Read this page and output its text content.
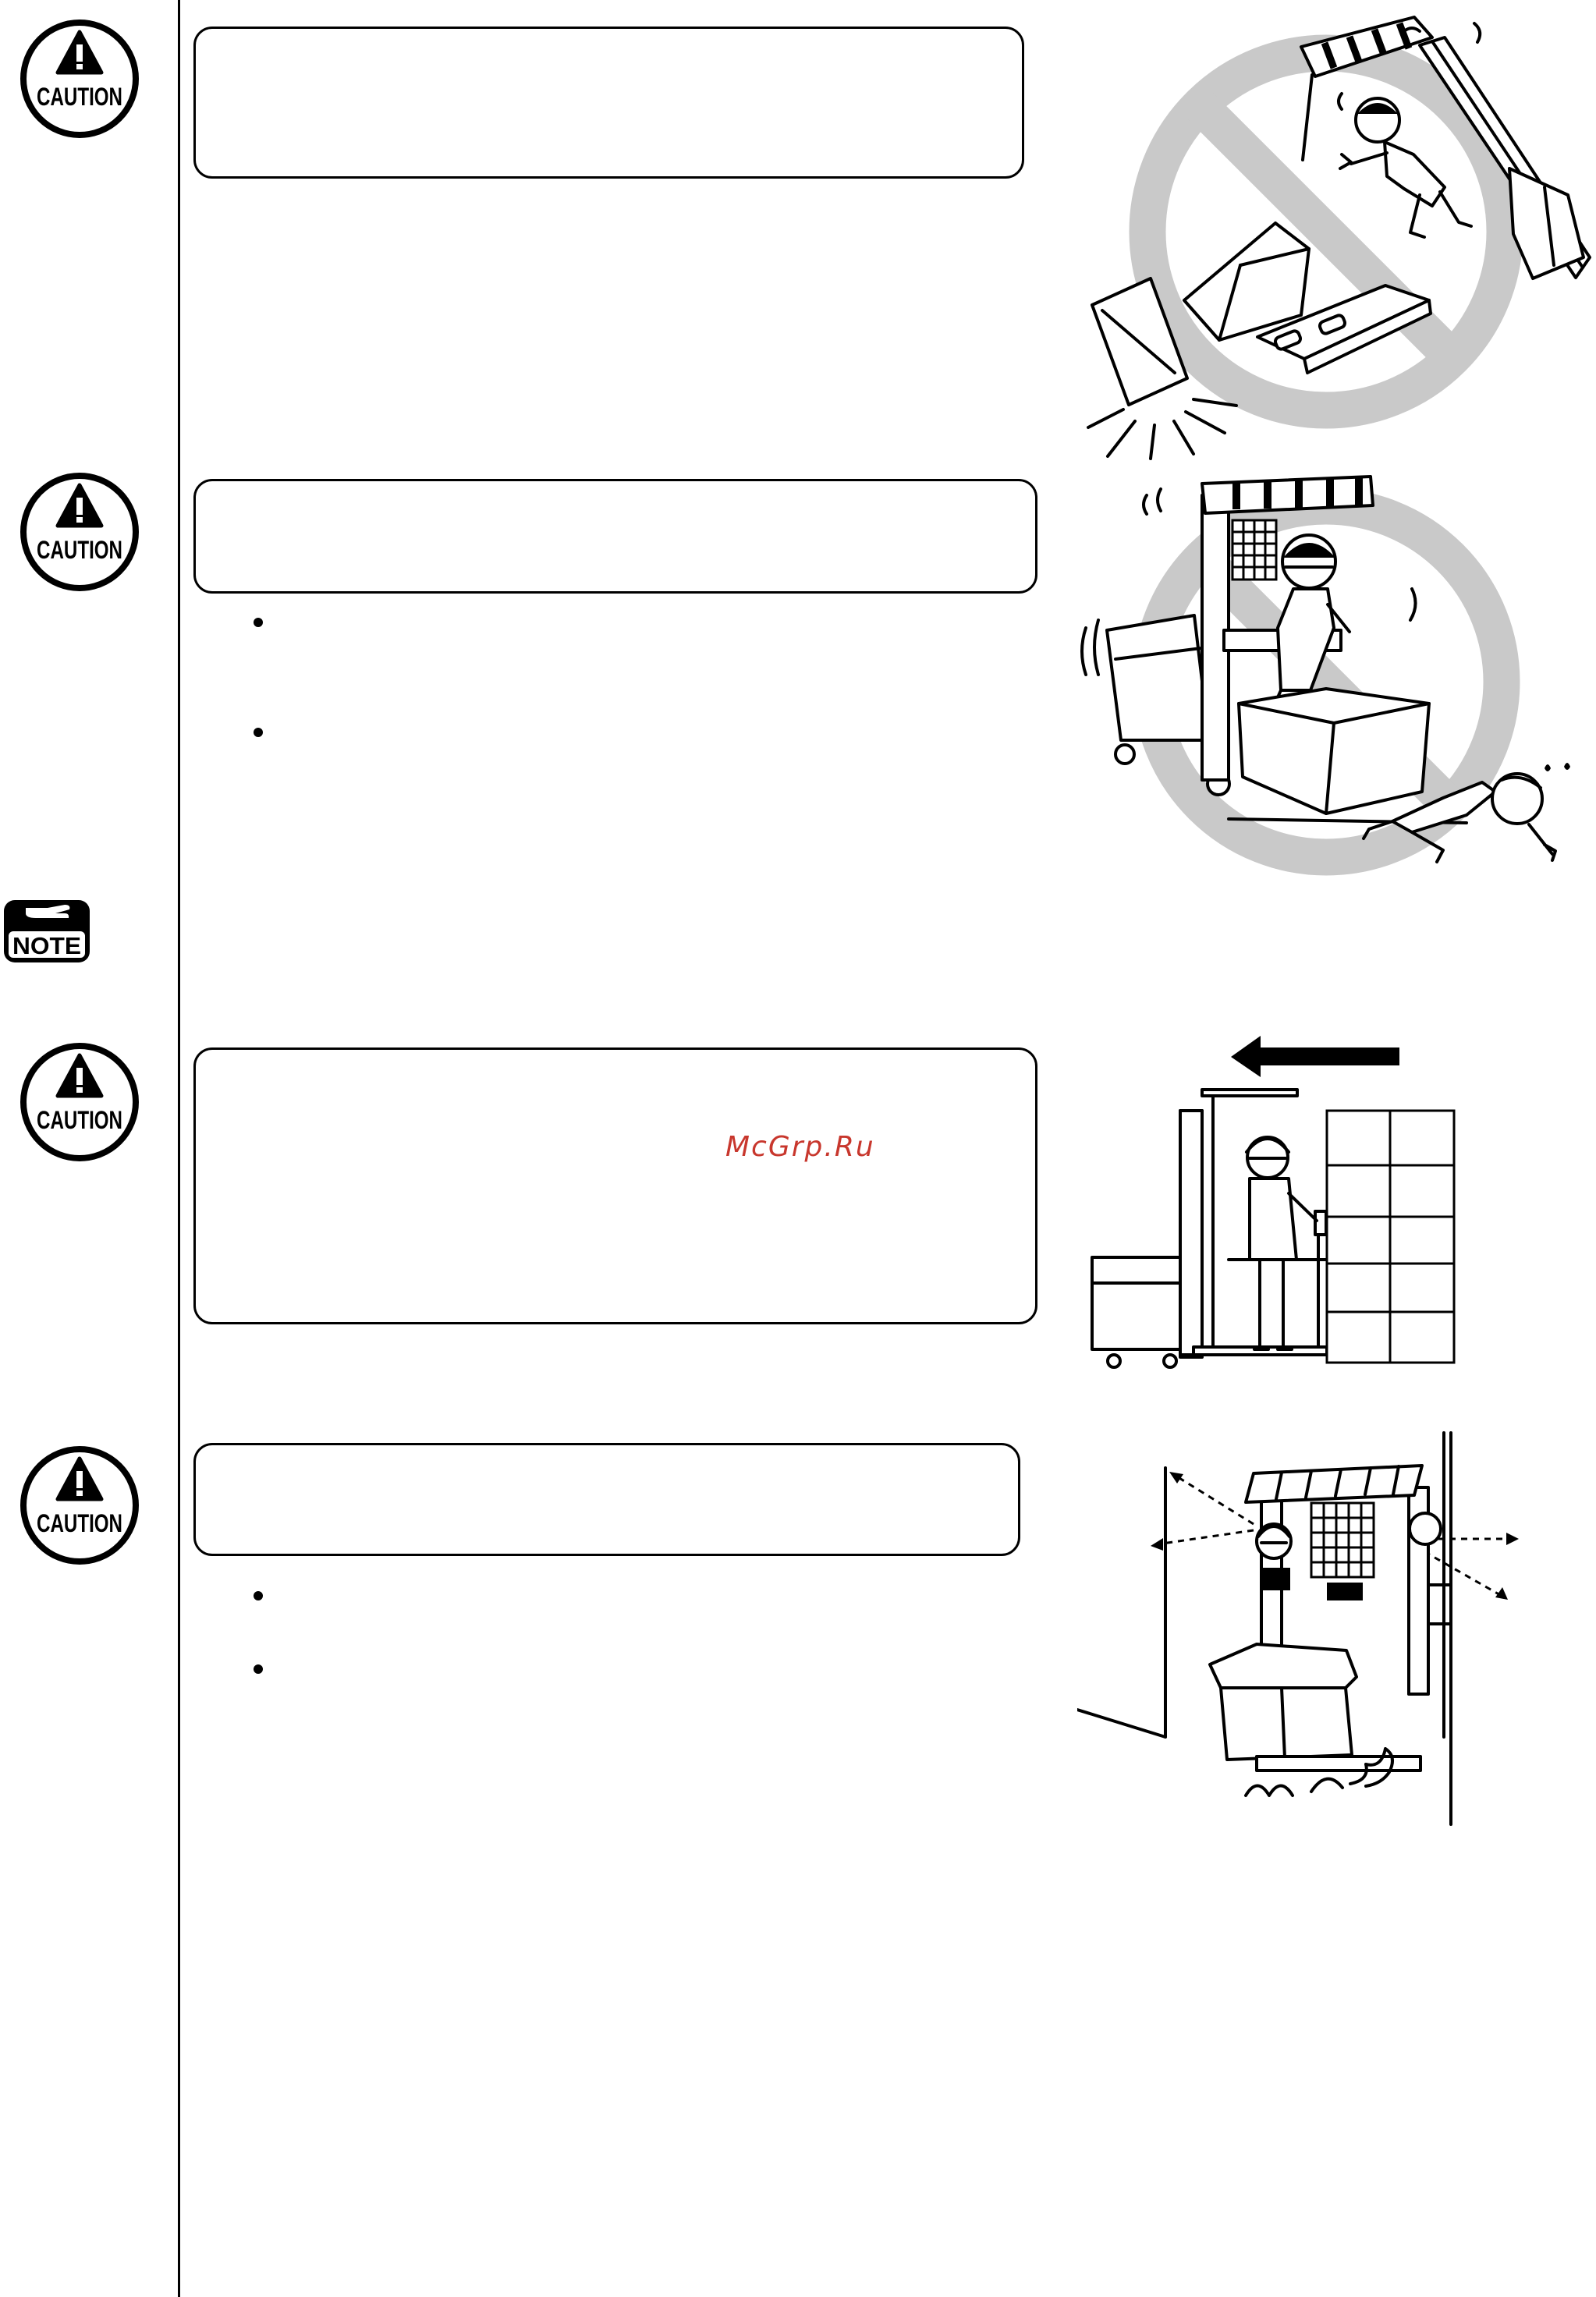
CAUTION
CAUTION
NOTE
CAUTION
McGrp.Ru
CAUTION
